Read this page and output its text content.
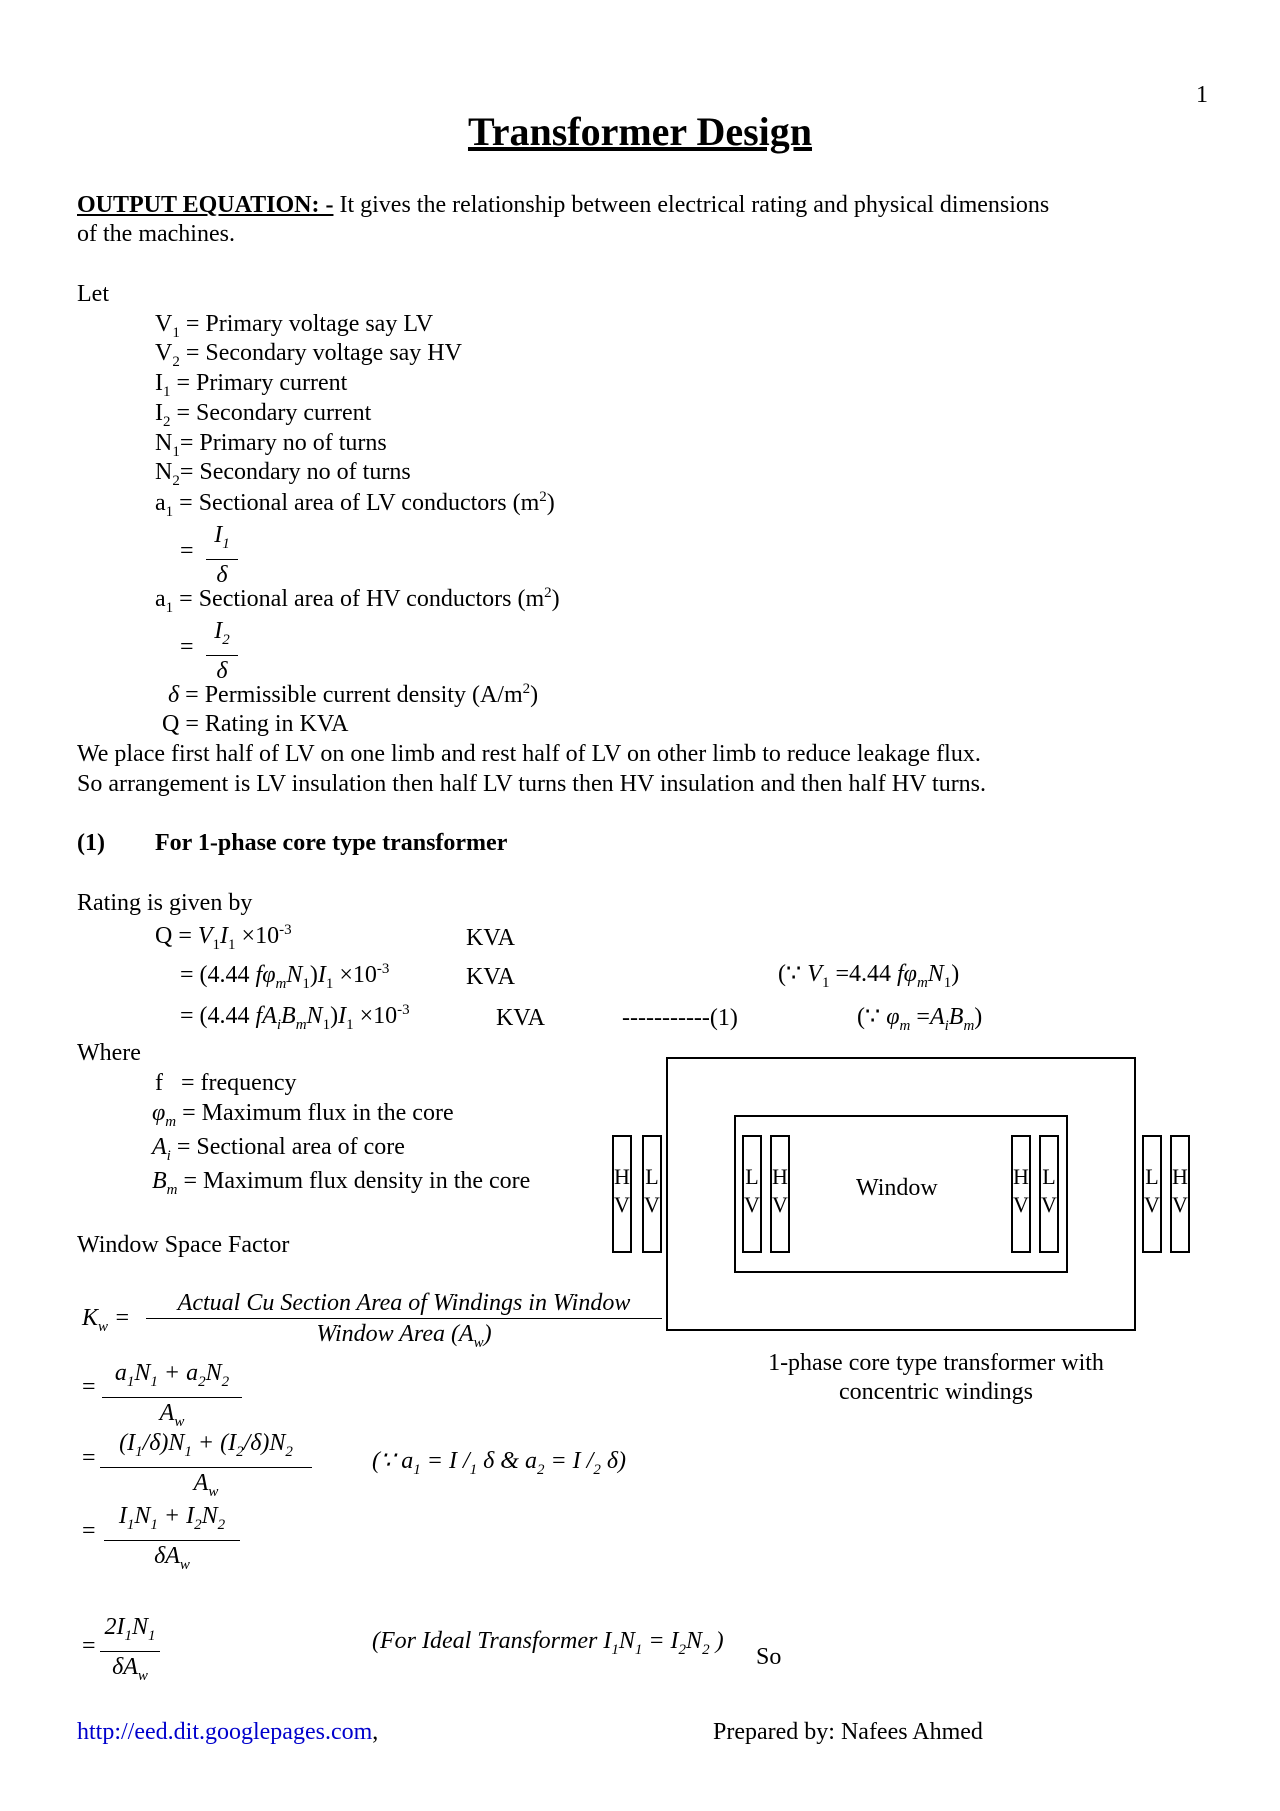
1
Transformer Design
OUTPUT EQUATION: - It gives the relationship between electrical rating and physical dimensions
of the machines.
Let
$V_1$ = Primary voltage say LV
$V_2$ = Secondary voltage say HV
$I_1$ = Primary current
$I_2$ = Secondary current
$N_1=$ Primary no of turns
$N_2=$ Secondary no of turns
$a_1$ = Sectional area of LV conductors $(m^2)$
= $\frac{I_1}{\delta}$
$a_1$ = Sectional area of HV conductors $(m^2)$
= $\frac{I_2}{\delta}$
δ = Permissible current density $(A/m^2)$
Q = Rating in KVA
We place first half of LV on one limb and rest half of LV on other limb to reduce leakage flux.
So arrangement is LV insulation then half LV turns then HV insulation and then half HV turns.
(1) For 1-phase core type transformer
Rating is given by
$Q = V_1I_1 \times 10^{-3}$	KVA
= (4.44 $f\varphi_mN_1)I_1 \times 10^{-3}$	KVA	(∵ $V_1 =4.44$ $f\varphi_mN_1$)
= (4.44 $fA_iB_mN_1)I_1 \times 10^{-3}$	KVA	-----------(1)	(∵ $\varphi_m =A_iB_m$)
Where
f   = frequency
$\varphi_m$ = Maximum flux in the core
$A_i$ = Sectional area of core
$B_m$ = Maximum flux density in the core
Window Space Factor
$K_w$ =
Actual Cu Section Area of Windings in Window
Window Area $(A_w)$
= $\frac{a_1N_1 + a_2N_2}{A_w}$
= $\frac{(I_1/\delta)N_1 + (I_2/\delta)N_2}{A_w}$	(∵ $a_1 = I$ $/_1$ δ & $a_2 = I$ $/_2$ δ)
=
$I_1N_1 + I_2N_2$
$\delta A_w$
=
$2I_1N_1$
$\delta A_w$
(For Ideal Transformer $I_1N_1 = I_2N_2$ )
So
Window
H
V
L
V
L
V
H
V
H
V
L
V
L
V
H
V
1-phase core type transformer with
concentric windings
http://eed.dit.googlepages.com,	Prepared by: Nafees Ahmed
